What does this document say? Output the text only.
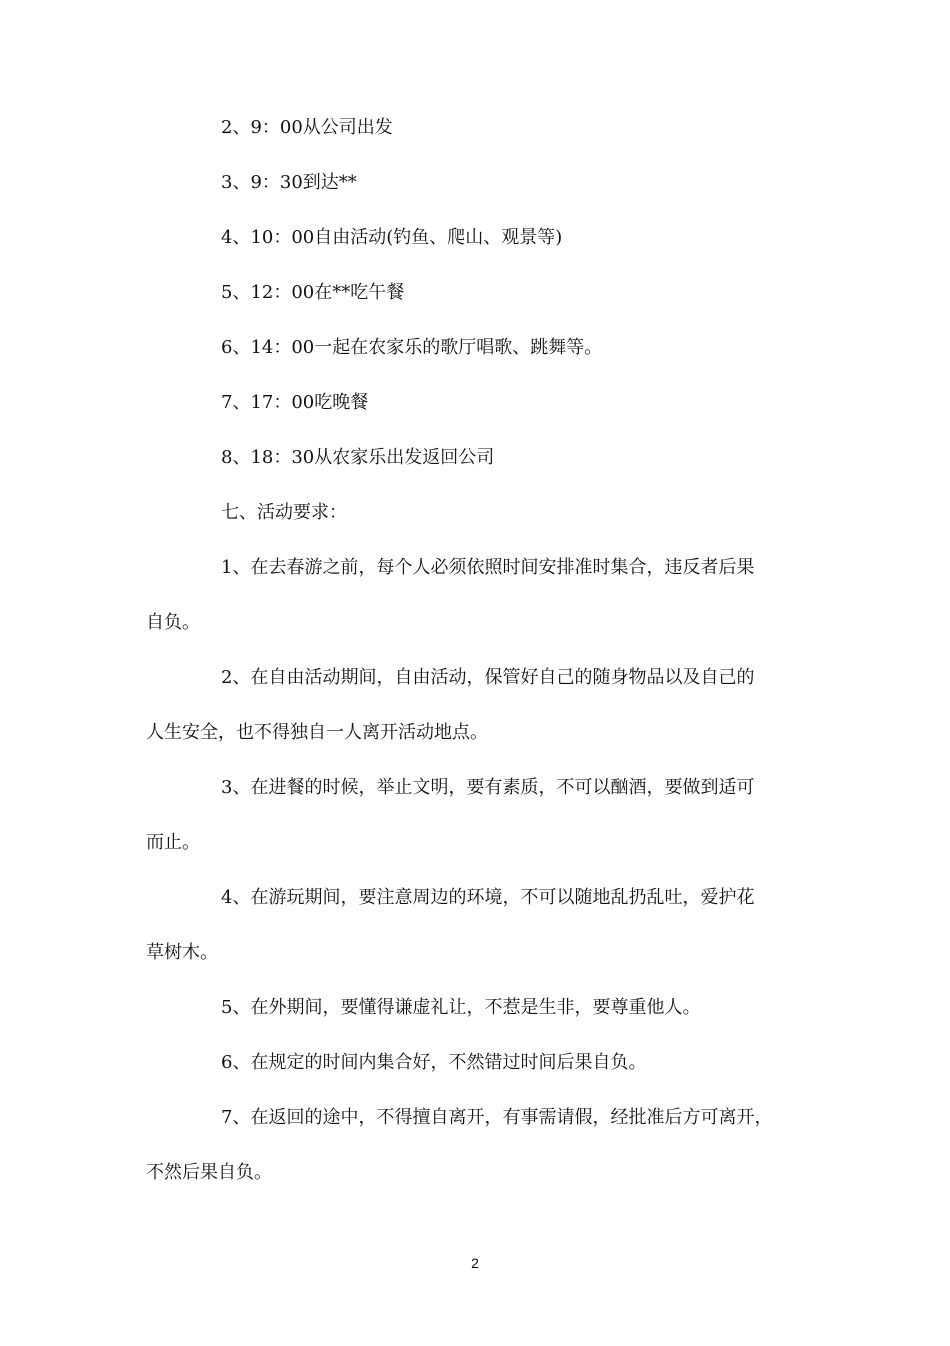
2、9：00从公司出发

3、9：30到达**

4、10：00自由活动(钓鱼、爬山、观景等)

5、12：00在**吃午餐

6、14：00一起在农家乐的歌厅唱歌、跳舞等。

7、17：00吃晚餐

8、18：30从农家乐出发返回公司

七、活动要求：

1、在去春游之前，每个人必须依照时间安排准时集合，违反者后果

自负。

2、在自由活动期间，自由活动，保管好自己的随身物品以及自己的

人生安全，也不得独自一人离开活动地点。

3、在进餐的时候，举止文明，要有素质，不可以酗酒，要做到适可

而止。

4、在游玩期间，要注意周边的环境，不可以随地乱扔乱吐，爱护花

草树木。

5、在外期间，要懂得谦虚礼让，不惹是生非，要尊重他人。

6、在规定的时间内集合好，不然错过时间后果自负。

7、在返回的途中，不得擅自离开，有事需请假，经批准后方可离开，

不然后果自负。

2
